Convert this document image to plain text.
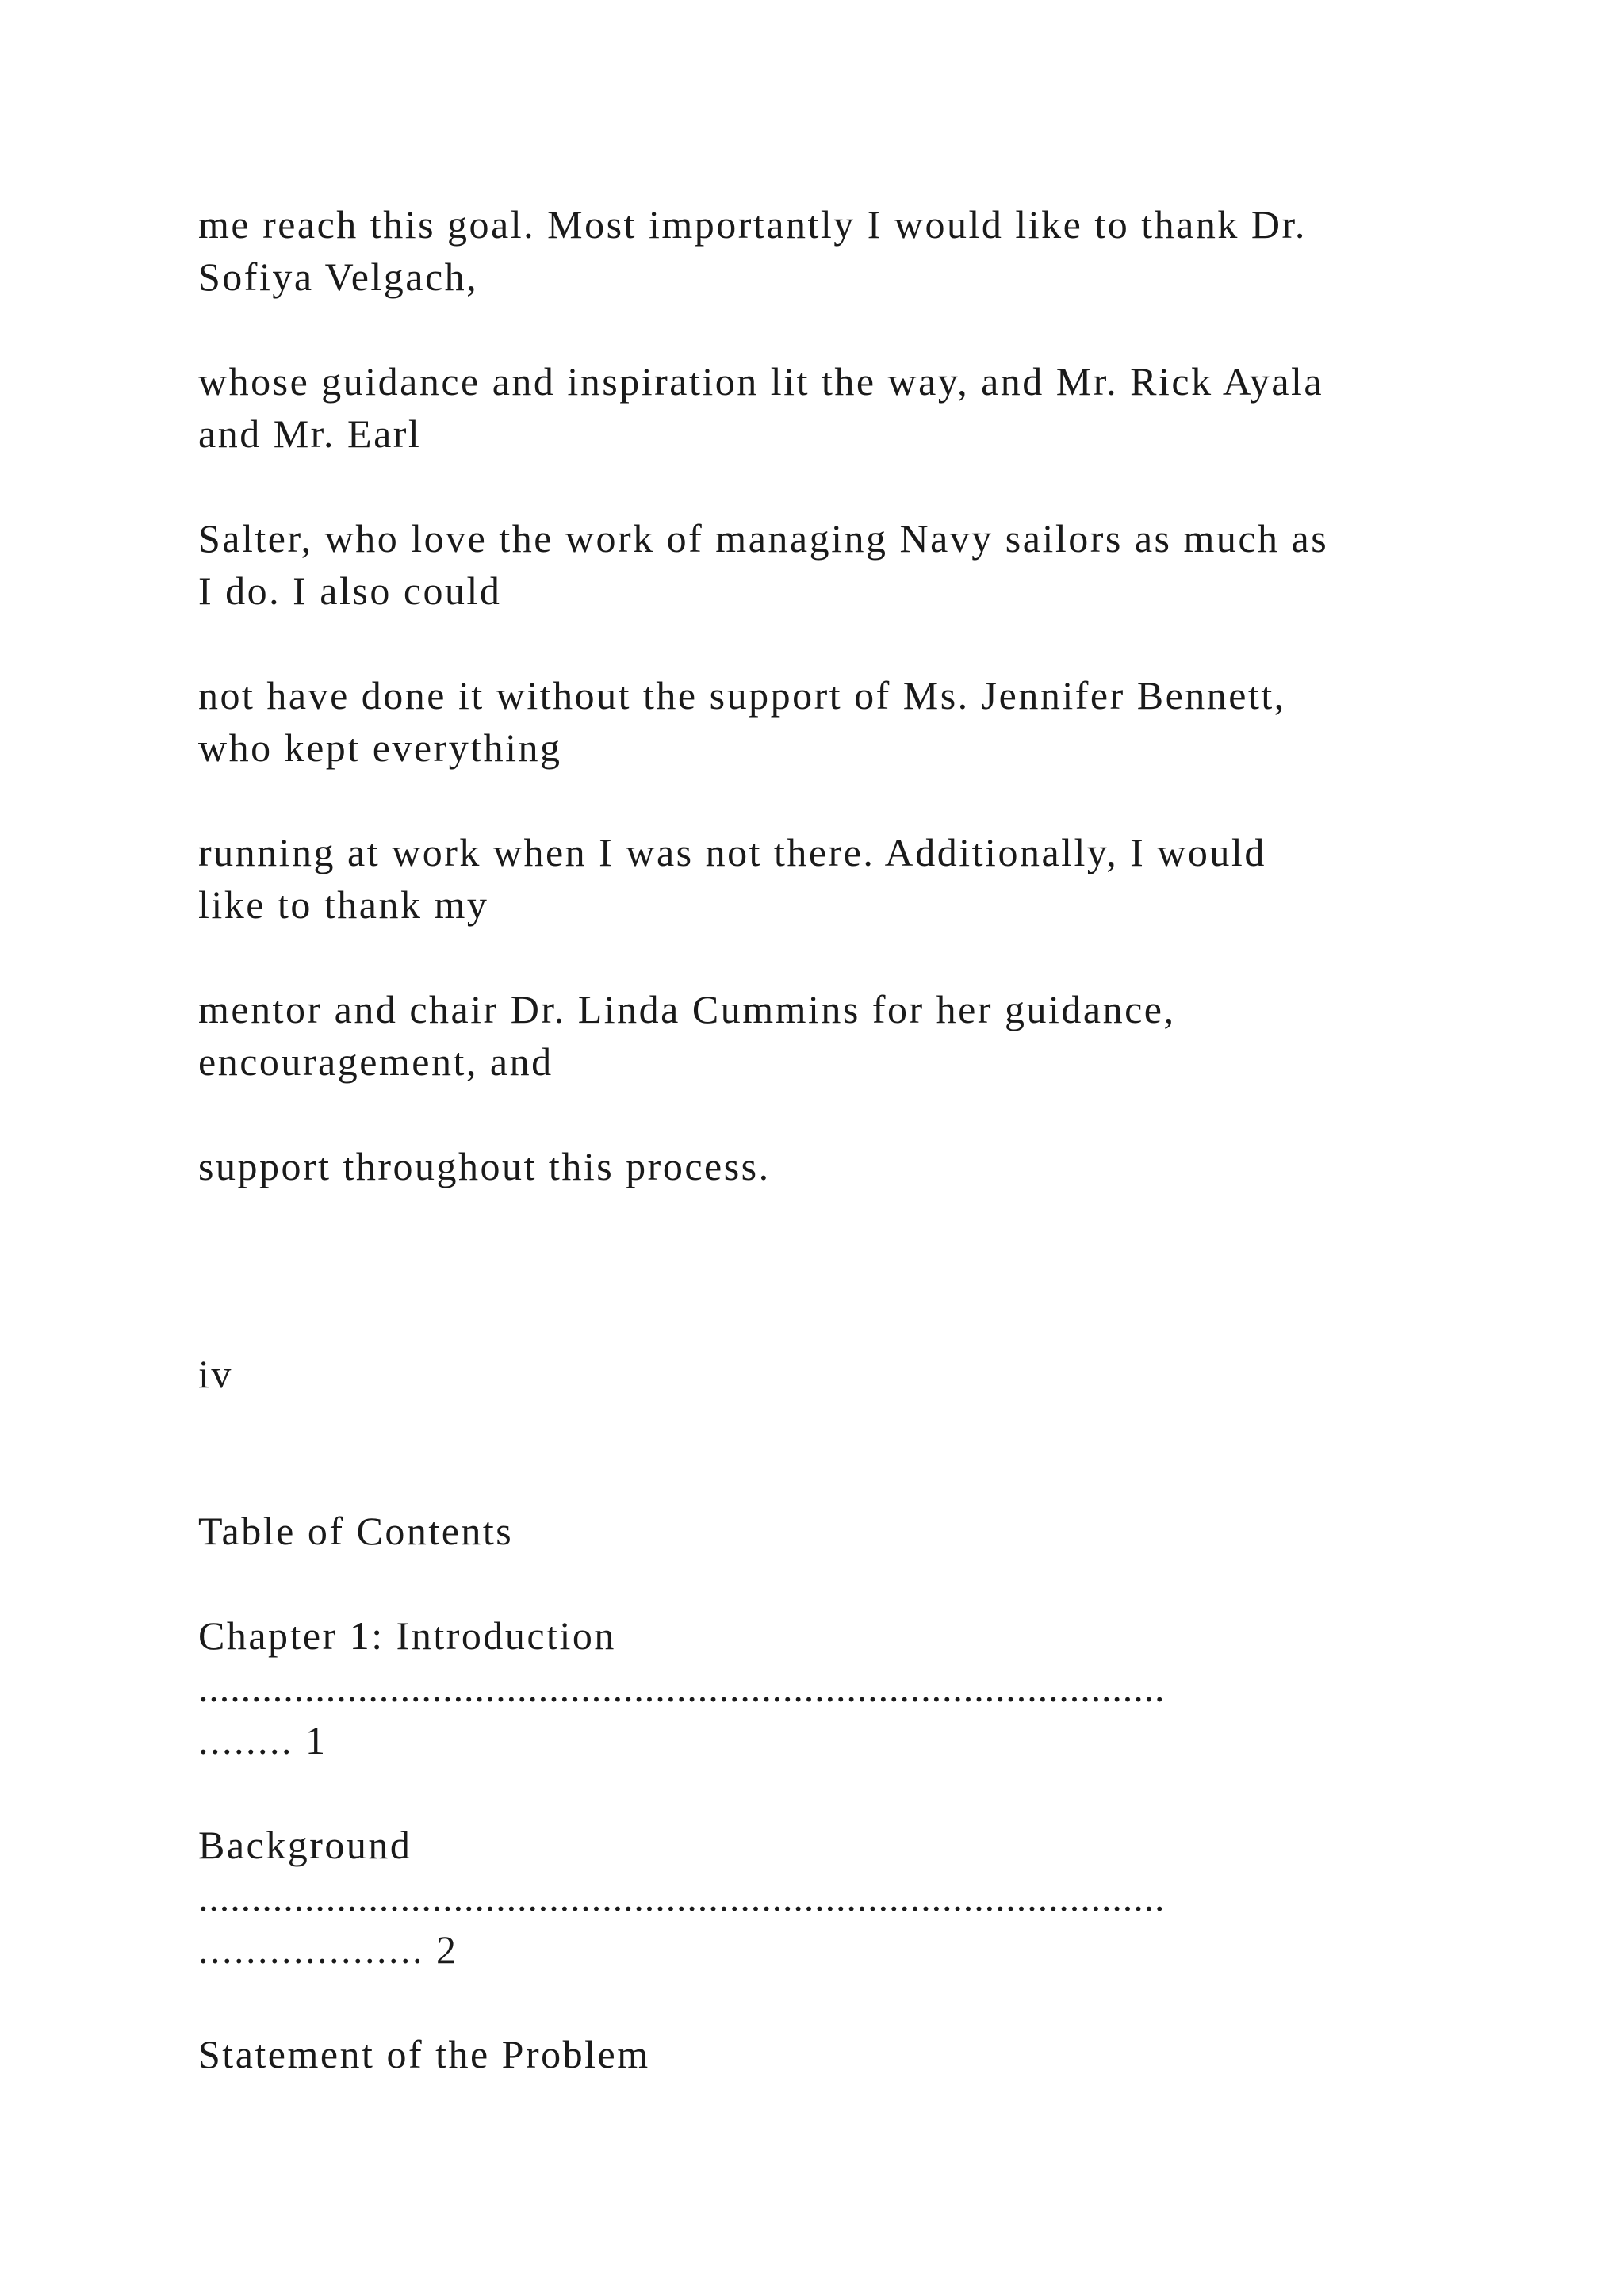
me reach this goal. Most importantly I would like to thank Dr.
Sofiya Velgach,
whose guidance and inspiration lit the way, and Mr. Rick Ayala
and Mr. Earl
Salter, who love the work of managing Navy sailors as much as
I do. I also could
not have done it without the support of Ms. Jennifer Bennett,
who kept everything
running at work when I was not there. Additionally, I would
like to thank my
mentor and chair Dr. Linda Cummins for her guidance,
encouragement, and
support throughout this process.
iv
Table of Contents
Chapter 1: Introduction
...........................................................................................
........ 1
Background
...........................................................................................
................... 2
Statement of the Problem
